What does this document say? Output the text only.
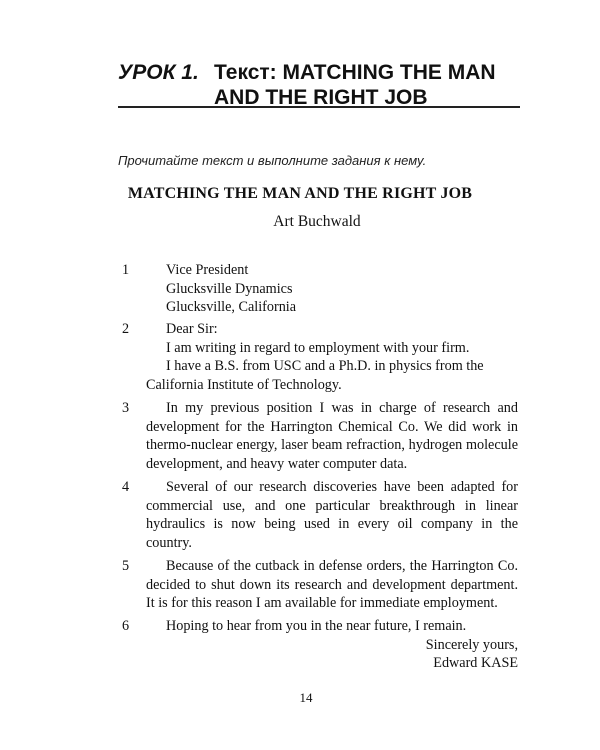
УРОК 1. Текст: MATCHING THE MAN
AND THE RIGHT JOB
Прочитайте текст и выполните задания к нему.
MATCHING THE MAN AND THE RIGHT JOB
Art Buchwald
1	Vice President
Glucksville Dynamics
Glucksville, California
2	Dear Sir:
I am writing in regard to employment with your firm.
I have a B.S. from USC and a Ph.D. in physics from the
California Institute of Technology.
3	In my previous position I was in charge of research and
development for the Harrington Chemical Co. We did work in
thermo-nuclear energy, laser beam refraction, hydrogen molecule
development, and heavy water computer data.
4	Several of our research discoveries have been adapted for
commercial use, and one particular breakthrough in linear
hydraulics is now being used in every oil company in the
country.
5	Because of the cutback in defense orders, the Harrington Co.
decided to shut down its research and development department.
It is for this reason I am available for immediate employment.
6	Hoping to hear from you in the near future, I remain.
Sincerely yours,
Edward KASE
14
